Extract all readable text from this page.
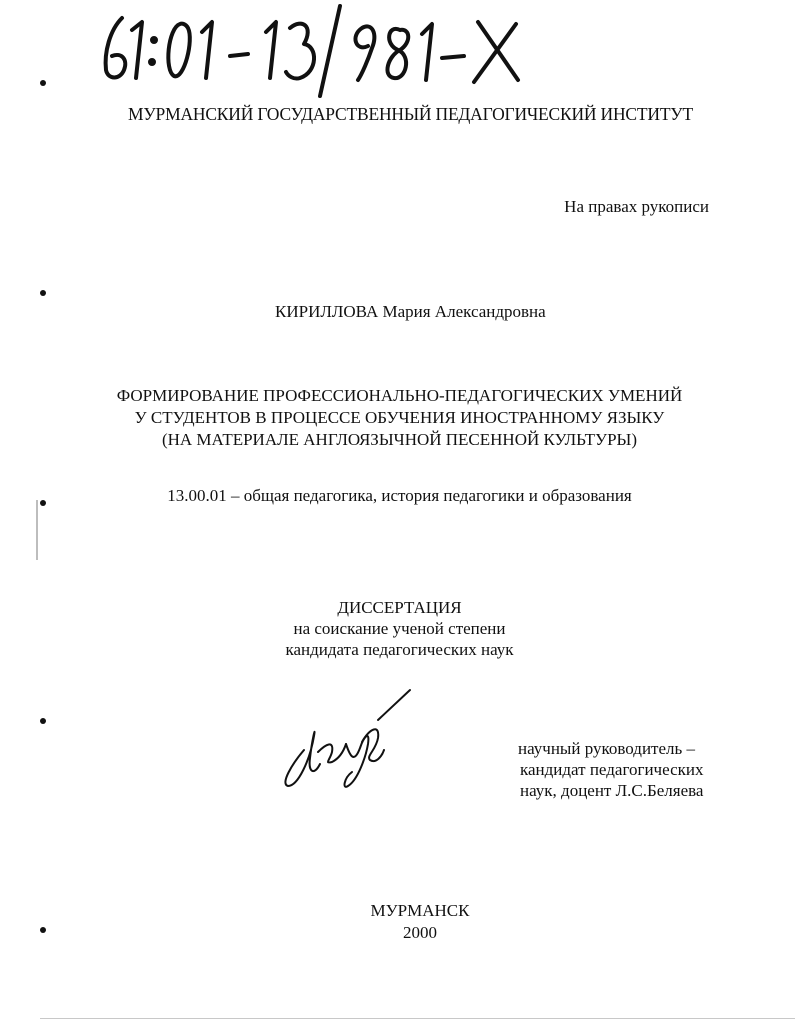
МУРМАНСКИЙ ГОСУДАРСТВЕННЫЙ ПЕДАГОГИЧЕСКИЙ ИНСТИТУТ
На правах рукописи
КИРИЛЛОВА Мария Александровна
ФОРМИРОВАНИЕ ПРОФЕССИОНАЛЬНО-ПЕДАГОГИЧЕСКИХ УМЕНИЙ
У СТУДЕНТОВ В ПРОЦЕССЕ ОБУЧЕНИЯ ИНОСТРАННОМУ ЯЗЫКУ
(НА МАТЕРИАЛЕ АНГЛОЯЗЫЧНОЙ ПЕСЕННОЙ КУЛЬТУРЫ)
13.00.01 – общая педагогика, история педагогики и образования
ДИССЕРТАЦИЯ
на соискание ученой степени
кандидата педагогических наук
научный руководитель –
кандидат педагогических
наук, доцент Л.С.Беляева
МУРМАНСК
2000
